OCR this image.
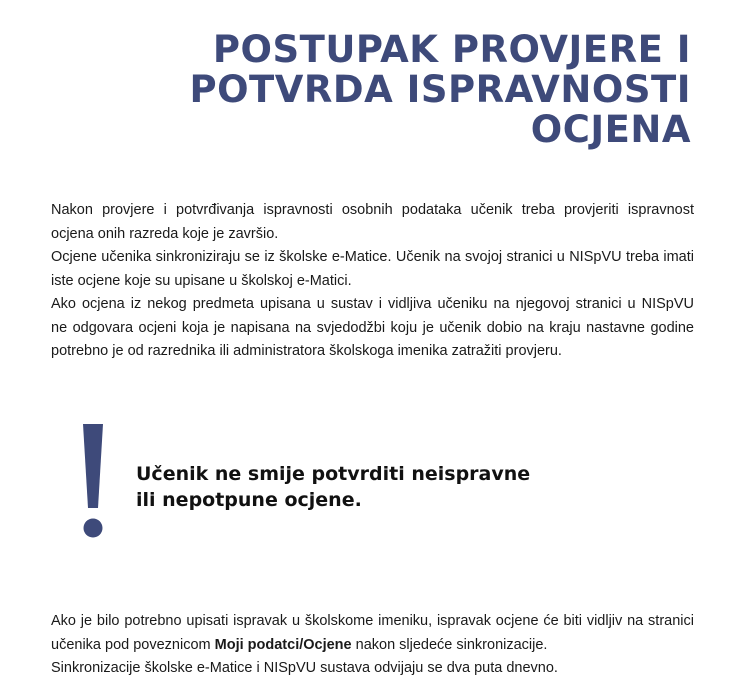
POSTUPAK PROVJERE I
POTVRDA ISPRAVNOSTI
OCJENA

Nakon provjere i potvrđivanja ispravnosti osobnih podataka učenik treba provjeriti ispravnost
ocjena onih razreda koje je završio.
Ocjene učenika sinkroniziraju se iz školske e-Matice. Učenik na svojoj stranici u NISpVU treba imati
iste ocjene koje su upisane u školskoj e-Matici.
Ako ocjena iz nekog predmeta upisana u sustav i vidljiva učeniku na njegovoj stranici u NISpVU
ne odgovara ocjeni koja je napisana na svjedodžbi koju je učenik dobio na kraju nastavne godine
potrebno je od razrednika ili administratora školskoga imenika zatražiti provjeru.

Učenik ne smije potvrditi neispravne
ili nepotpune ocjene.

Ako je bilo potrebno upisati ispravak u školskome imeniku, ispravak ocjene će biti vidljiv na stranici
učenika pod poveznicom Moji podatci/Ocjene nakon sljedeće sinkronizacije.
Sinkronizacije školske e-Matice i NISpVU sustava odvijaju se dva puta dnevno.
